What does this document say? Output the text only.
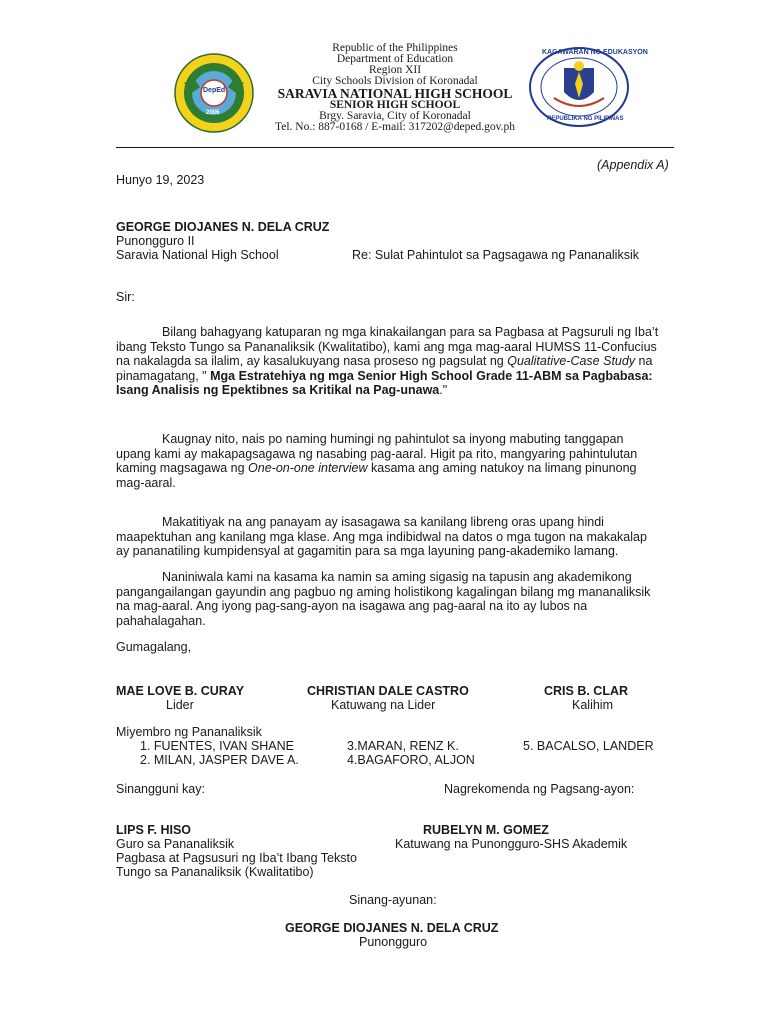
DepEd
2006
Republic of the Philippines
Department of Education
Region XII
City Schools Division of Koronadal
SARAVIA NATIONAL HIGH SCHOOL
SENIOR HIGH SCHOOL
Brgy. Saravia, City of Koronadal
Tel. No.: 887-0168 / E-mail: 317202@deped.gov.ph
KAGAWARAN NG EDUKASYON
REPUBLIKA NG PILIPINAS
(Appendix A)
Hunyo 19, 2023
GEORGE DIOJANES N. DELA CRUZ
Punongguro II
Saravia National High School	Re: Sulat Pahintulot sa Pagsagawa ng Pananaliksik
Sir:
Bilang bahagyang katuparan ng mga kinakailangan para sa Pagbasa at Pagsuruli ng Iba’t ibang Teksto Tungo sa Pananaliksik (Kwalitatibo), kami ang mga mag-aaral HUMSS 11-Confucius na nakalagda sa ilalim, ay kasalukuyang nasa proseso ng pagsulat ng Qualitative-Case Study na pinamagatang, " Mga Estratehiya ng mga Senior High School Grade 11-ABM sa Pagbabasa: Isang Analisis ng Epektibnes sa Kritikal na Pag-unawa."
Kaugnay nito, nais po naming humingi ng pahintulot sa inyong mabuting tanggapan upang kami ay makapagsagawa ng nasabing pag-aaral. Higit pa rito, mangyaring pahintulutan kaming magsagawa ng One-on-one interview kasama ang aming natukoy na limang pinunong mag-aaral.
Makatitiyak na ang panayam ay isasagawa sa kanilang libreng oras upang hindi maapektuhan ang kanilang mga klase. Ang mga indibidwal na datos o mga tugon na makakalap ay pananatiling kumpidensyal at gagamitin para sa mga layuning pang-akademiko lamang.
Naniniwala kami na kasama ka namin sa aming sigasig na tapusin ang akademikong pangangailangan gayundin ang pagbuo ng aming holistikong kagalingan bilang mg mananaliksik na mag-aaral. Ang iyong pag-sang-ayon na isagawa ang pag-aaral na ito ay lubos na pahahalagahan.
Gumagalang,
MAE LOVE B. CURAY
Lider
CHRISTIAN DALE CASTRO
Katuwang na Lider
CRIS B. CLAR
Kalihim
Miyembro ng Pananaliksik
1. FUENTES, IVAN SHANE
2. MILAN, JASPER DAVE A.
3.MARAN, RENZ K.
4.BAGAFORO, ALJON
5. BACALSO, LANDER
Sinangguni kay:	Nagrekomenda ng Pagsang-ayon:
LIPS F. HISO
Guro sa Pananaliksik
Pagbasa at Pagsusuri ng Iba’t Ibang Teksto
Tungo sa Pananaliksik (Kwalitatibo)
RUBELYN M. GOMEZ
Katuwang na Punongguro-SHS Akademik
Sinang-ayunan:
GEORGE DIOJANES N. DELA CRUZ
Punongguro
